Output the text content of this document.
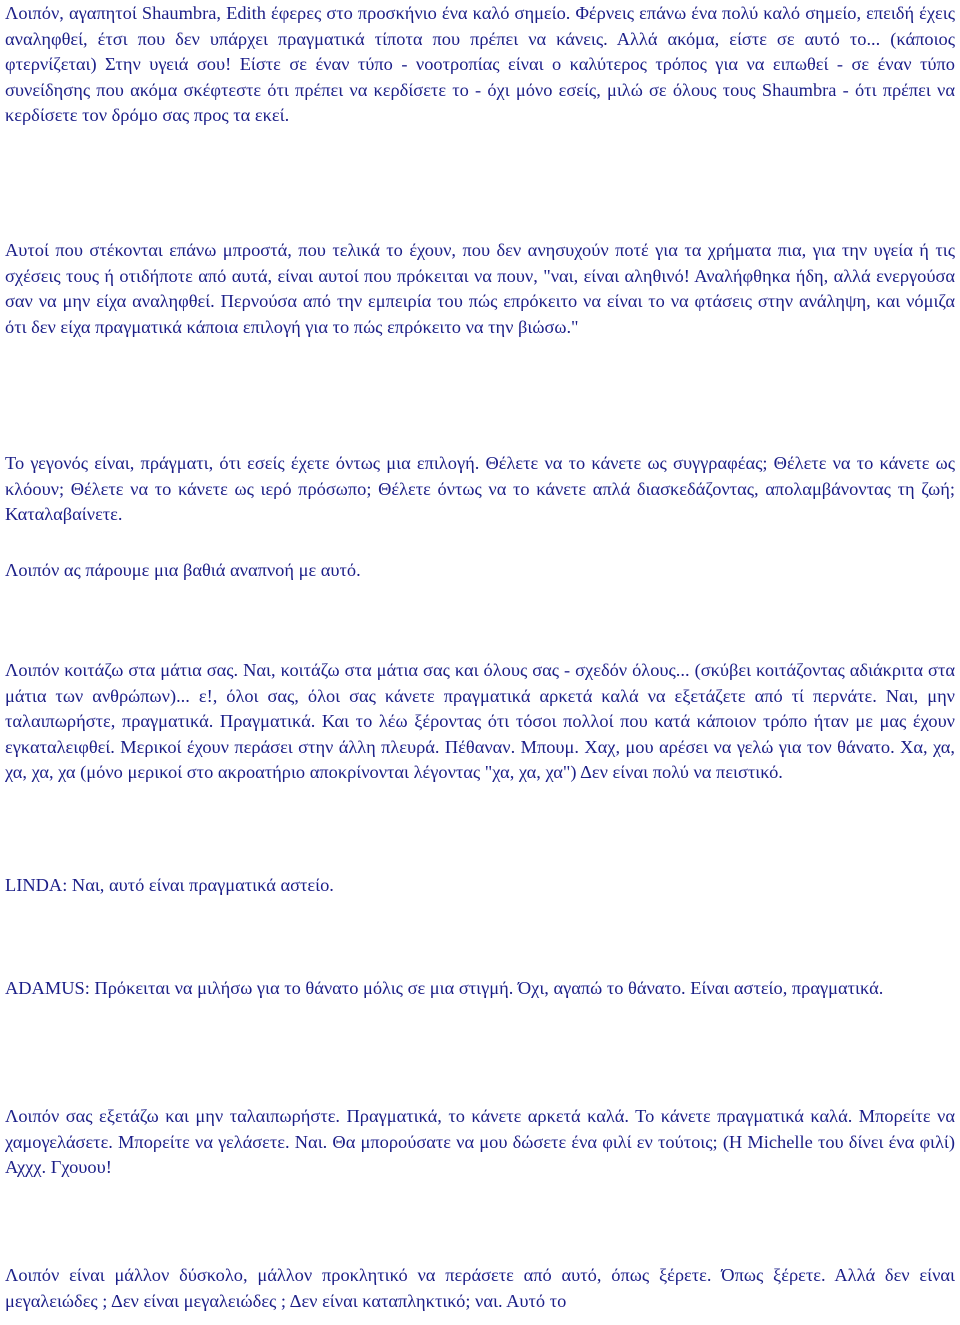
Λοιπόν, αγαπητοί Shaumbra, Edith έφερες στο προσκήνιο ένα καλό σημείο. Φέρνεις επάνω ένα πολύ καλό σημείο, επειδή έχεις αναληφθεί, έτσι που δεν υπάρχει πραγματικά τίποτα που πρέπει να κάνεις. Αλλά ακόμα, είστε σε αυτό το... (κάποιος φτερνίζεται) Στην υγειά σου! Είστε σε έναν τύπο - νοοτροπίας είναι ο καλύτερος τρόπος για να ειπωθεί - σε έναν τύπο συνείδησης που ακόμα σκέφτεστε ότι πρέπει να κερδίσετε το - όχι μόνο εσείς, μιλώ σε όλους τους Shaumbra - ότι πρέπει να κερδίσετε τον δρόμο σας προς τα εκεί.

Αυτοί που στέκονται επάνω μπροστά, που τελικά το έχουν, που δεν ανησυχούν ποτέ για τα χρήματα πια, για την υγεία ή τις σχέσεις τους ή οτιδήποτε από αυτά, είναι αυτοί που πρόκειται να πουν, "ναι, είναι αληθινό! Αναλήφθηκα ήδη, αλλά ενεργούσα σαν να μην είχα αναληφθεί. Περνούσα από την εμπειρία του πώς επρόκειτο να είναι το να φτάσεις στην ανάληψη, και νόμιζα ότι δεν είχα πραγματικά κάποια επιλογή για το πώς επρόκειτο να την βιώσω."

Το γεγονός είναι, πράγματι, ότι εσείς έχετε όντως μια επιλογή. Θέλετε να το κάνετε ως συγγραφέας; Θέλετε να το κάνετε ως κλόουν; Θέλετε να το κάνετε ως ιερό πρόσωπο; Θέλετε όντως να το κάνετε απλά διασκεδάζοντας, απολαμβάνοντας τη ζωή; Καταλαβαίνετε.

Λοιπόν ας πάρουμε μια βαθιά αναπνοή με αυτό.

Λοιπόν κοιτάζω στα μάτια σας. Ναι, κοιτάζω στα μάτια σας και όλους σας - σχεδόν όλους... (σκύβει κοιτάζοντας αδιάκριτα στα μάτια των ανθρώπων)... ε!, όλοι σας, όλοι σας κάνετε πραγματικά αρκετά καλά να εξετάζετε από τί περνάτε. Ναι, μην ταλαιπωρήστε, πραγματικά. Πραγματικά. Και το λέω ξέροντας ότι τόσοι πολλοί που κατά κάποιον τρόπο ήταν με μας έχουν εγκαταλειφθεί. Μερικοί έχουν περάσει στην άλλη πλευρά. Πέθαναν. Μπουμ. Χαχ, μου αρέσει να γελώ για τον θάνατο. Χα, χα, χα, χα, χα (μόνο μερικοί στο ακροατήριο αποκρίνονται λέγοντας "χα, χα, χα") Δεν είναι πολύ να πειστικό.

LINDA: Ναι, αυτό είναι πραγματικά αστείο.

ADAMUS: Πρόκειται να μιλήσω για το θάνατο μόλις σε μια στιγμή. Όχι, αγαπώ το θάνατο. Είναι αστείο, πραγματικά.

Λοιπόν σας εξετάζω και μην ταλαιπωρήστε. Πραγματικά, το κάνετε αρκετά καλά. Το κάνετε πραγματικά καλά. Μπορείτε να χαμογελάσετε. Μπορείτε να γελάσετε. Ναι. Θα μπορούσατε να μου δώσετε ένα φιλί εν τούτοις; (Η Michelle του δίνει ένα φιλί) Αχχχ. Γχουου!

Λοιπόν είναι μάλλον δύσκολο, μάλλον προκλητικό να περάσετε από αυτό, όπως ξέρετε. Όπως ξέρετε. Αλλά δεν είναι μεγαλειώδες ; Δεν είναι μεγαλειώδες ; Δεν είναι καταπληκτικό; ναι. Αυτό το
